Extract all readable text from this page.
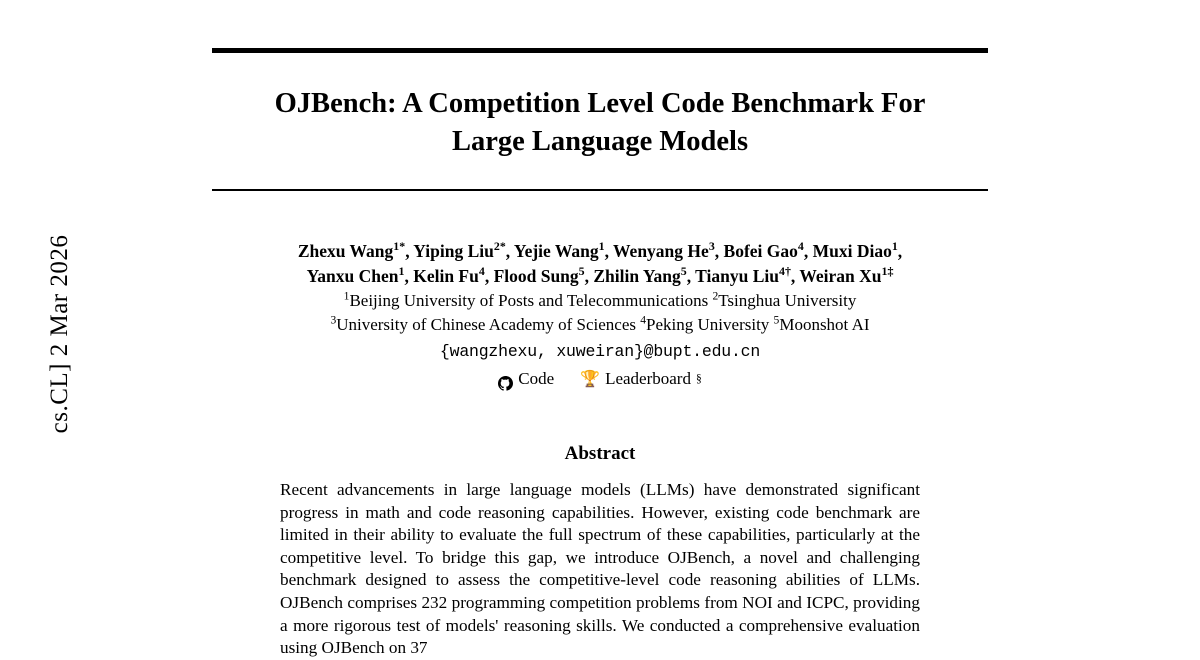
cs.CL] 2 Mar 2026
OJBench: A Competition Level Code Benchmark For
Large Language Models
Zhexu Wang$^{1*}$, Yiping Liu$^{2*}$, Yejie Wang$^1$, Wenyang He$^3$, Bofei Gao$^4$, Muxi Diao$^1$,
Yanxu Chen$^1$, Kelin Fu$^4$, Flood Sung$^5$, Zhilin Yang$^5$, Tianyu Liu$^{4\dagger}$, Weiran $Xu^{1\ddagger}$
$^1$Beijing University of Posts and Telecommunications $^2$Tsinghua University
$^3$University of Chinese Academy of Sciences $^4$Peking University $^5$Moonshot AI
{wangzhexu, xuweiran}@bupt.edu.cn
Code 🏆 Leaderboard §
Abstract
Recent advancements in large language models (LLMs) have demonstrated significant progress in math and code reasoning capabilities. However, existing code benchmark are limited in their ability to evaluate the full spectrum of these capabilities, particularly at the competitive level. To bridge this gap, we introduce OJBench, a novel and challenging benchmark designed to assess the competitive-level code reasoning abilities of LLMs. OJBench comprises 232 programming competition problems from NOI and ICPC, providing a more rigorous test of models' reasoning skills. We conducted a comprehensive evaluation using OJBench on 37
